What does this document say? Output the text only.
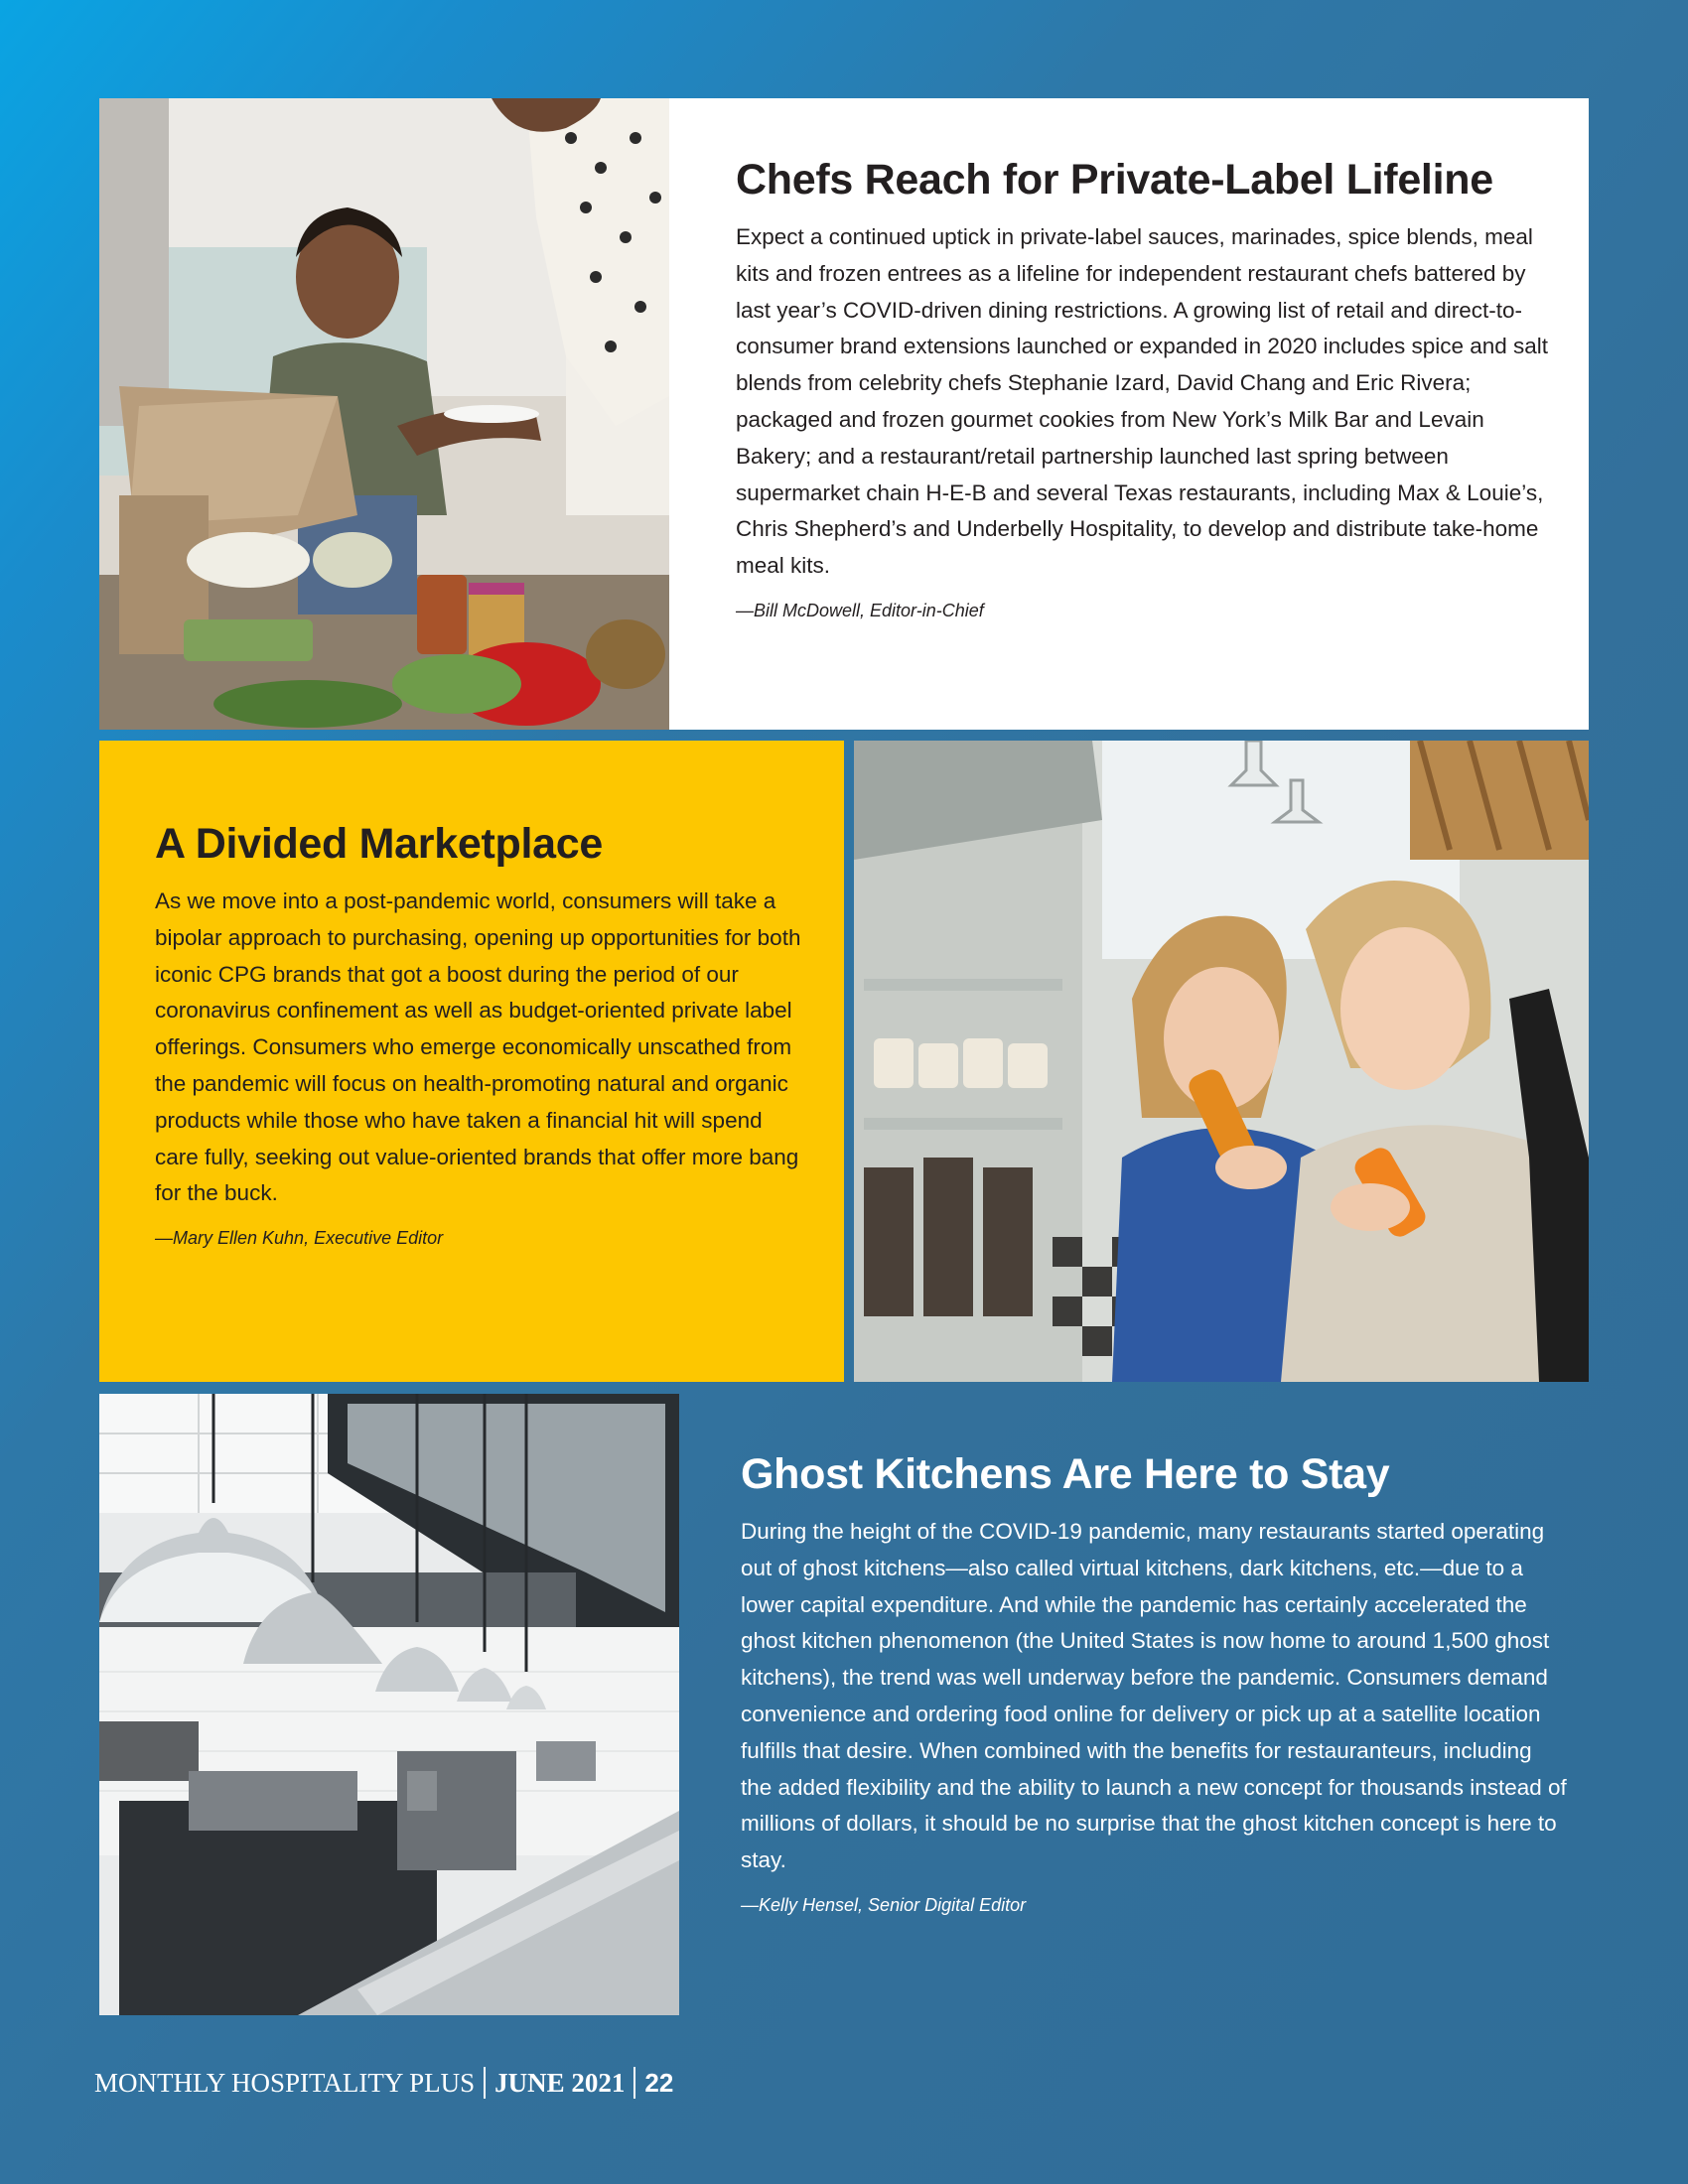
Chefs Reach for Private-Label Lifeline

Expect a continued uptick in private-label sauces, marinades, spice blends, meal kits and frozen entrees as a lifeline for independent restaurant chefs battered by last year’s COVID-driven dining restrictions. A growing list of retail and direct-to-consumer brand extensions launched or expanded in 2020 includes spice and salt blends from celebrity chefs Stephanie Izard, David Chang and Eric Rivera; packaged and frozen gourmet cookies from New York’s Milk Bar and Levain Bakery; and a restaurant/retail partnership launched last spring between supermarket chain H-E-B and several Texas restaurants, including Max & Louie’s, Chris Shepherd’s and Underbelly Hospitality, to develop and distribute take-home meal kits.

—Bill McDowell, Editor-in-Chief

A Divided Marketplace

As we move into a post-pandemic world, consumers will take a bipolar approach to purchasing, opening up opportunities for both iconic CPG brands that got a boost during the period of our coronavirus confinement as well as budget-oriented private label offerings. Consumers who emerge economically unscathed from the pandemic will focus on health-promoting natural and organic products while those who have taken a financial hit will spend care fully, seeking out value-oriented brands that offer more bang for the buck.

—Mary Ellen Kuhn, Executive Editor

Ghost Kitchens Are Here to Stay

During the height of the COVID-19 pandemic, many restaurants started operating out of ghost kitchens—also called virtual kitchens, dark kitchens, etc.—due to a lower capital expenditure. And while the pandemic has certainly accelerated the ghost kitchen phenomenon (the United States is now home to around 1,500 ghost kitchens), the trend was well underway before the pandemic. Consumers demand convenience and ordering food online for delivery or pick up at a satellite location fulfills that desire. When combined with the benefits for restauranteurs, including the added flexibility and the ability to launch a new concept for thousands instead of millions of dollars, it should be no surprise that the ghost kitchen concept is here to stay.

—Kelly Hensel, Senior Digital Editor

MONTHLY HOSPITALITY PLUS JUNE 2021 22
